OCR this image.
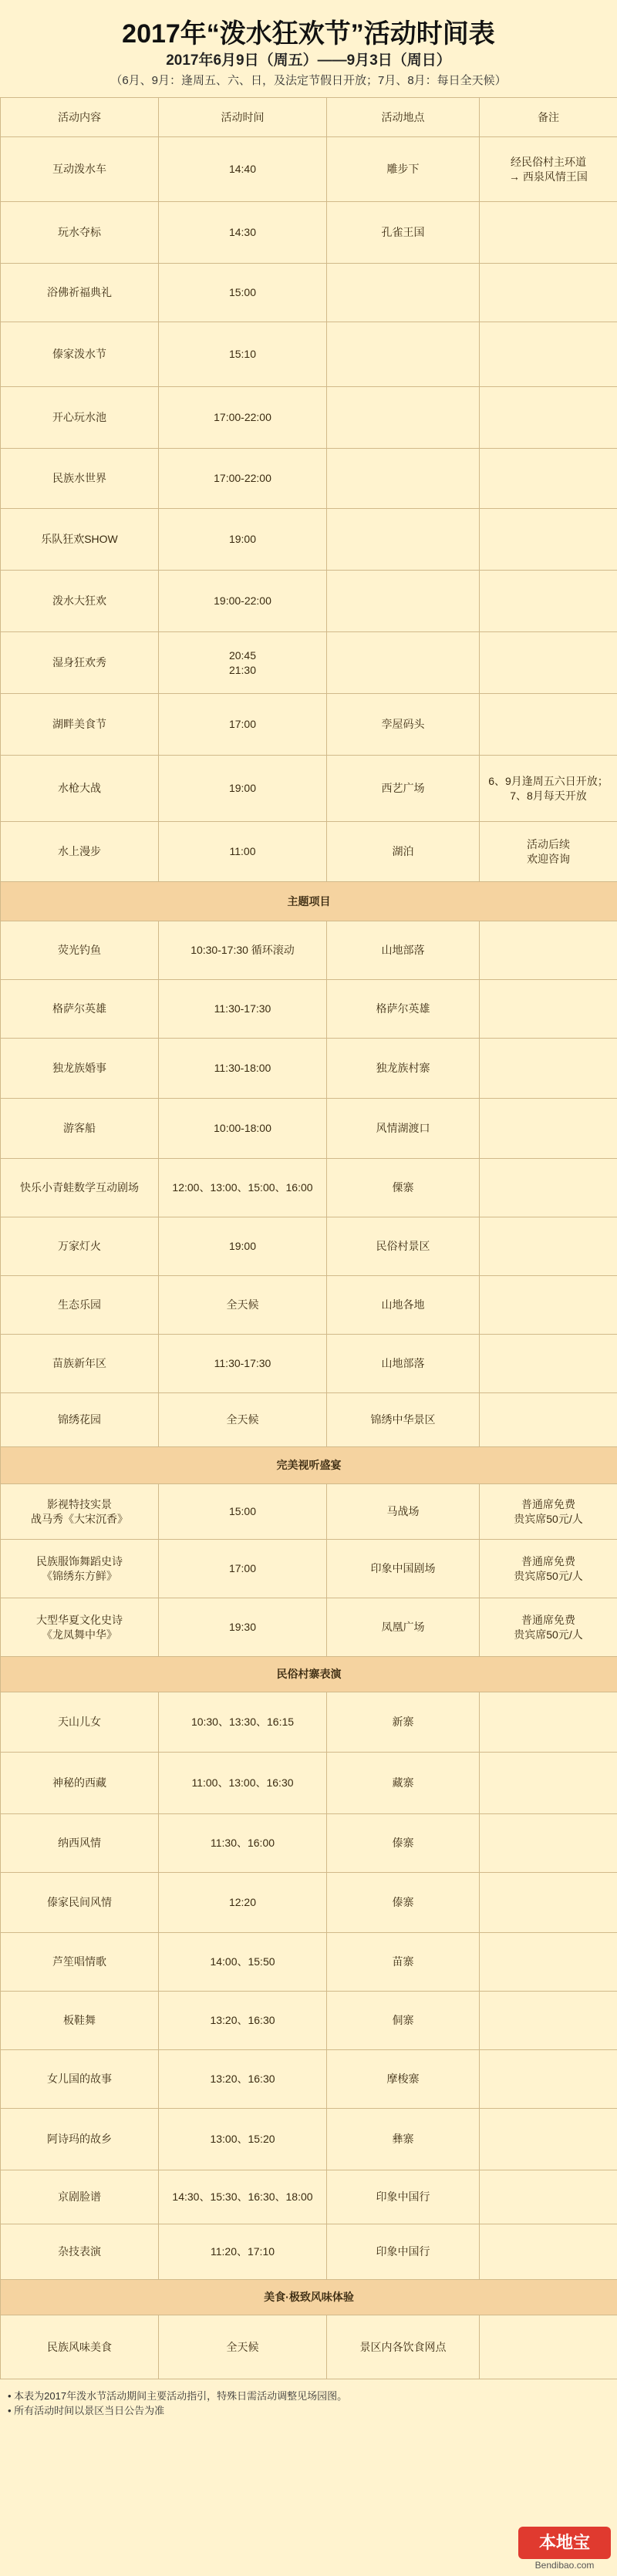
2017年“泼水狂欢节”活动时间表
2017年6月9日（周五）——9月3日（周日）
（6月、9月：逢周五、六、日，及法定节假日开放；7月、8月：每日全天候）
活动内容	活动时间	活动地点	备注
互动泼水车	14:40	雕步下	经民俗村主环道
→ 西泉风情王国
玩水夺标	14:30	孔雀王国	
浴佛祈福典礼	15:00		
傣家泼水节	15:10		
开心玩水池	17:00-22:00		
民族水世界	17:00-22:00		
乐队狂欢SHOW	19:00		
泼水大狂欢	19:00-22:00		
湿身狂欢秀	20:45
21:30		
湖畔美食节	17:00	孪屋码头	
水枪大战	19:00	西艺广场	6、9月逢周五六日开放；7、8月每天开放
水上漫步	11:00	湖泊	活动后续
欢迎咨询
主题项目			
荧光钓鱼	10:30-17:30 循环滚动	山地部落	
格萨尔英雄	11:30-17:30	格萨尔英雄	
独龙族婚事	11:30-18:00	独龙族村寨	
游客船	10:00-18:00	风情湖渡口	
快乐小青蛙数学互动剧场	12:00、13:00、15:00、16:00	傈寨	
万家灯火	19:00	民俗村景区	
生态乐园	全天候	山地各地	
苗族新年区	11:30-17:30	山地部落	
锦绣花园	全天候	锦绣中华景区	
完美视听盛宴			
影视特技实景
战马秀《大宋沉香》	15:00	马战场	普通席免费
贵宾席50元/人
民族服饰舞蹈史诗
《锦绣东方鲜》	17:00	印象中国剧场	普通席免费
贵宾席50元/人
大型华夏文化史诗
《龙凤舞中华》	19:30	凤凰广场	普通席免费
贵宾席50元/人
民俗村寨表演			
天山儿女	10:30、13:30、16:15	新寨	
神秘的西藏	11:00、13:00、16:30	藏寨	
纳西风情	11:30、16:00	傣寨	
傣家民间风情	12:20	傣寨	
芦笙唱情歌	14:00、15:50	苗寨	
板鞋舞	13:20、16:30	侗寨	
女儿国的故事	13:20、16:30	摩梭寨	
阿诗玛的故乡	13:00、15:20	彝寨	
京剧脸谱	14:30、15:30、16:30、18:00	印象中国行	
杂技表演	11:20、17:10	印象中国行	
美食·极致风味体验			
民族风味美食	全天候	景区内各饮食网点	
• 本表为2017年泼水节活动期间主要活动指引，特殊日需活动调整见场园图。
• 所有活动时间以景区当日公告为准
本地宝
Bendibao.com
